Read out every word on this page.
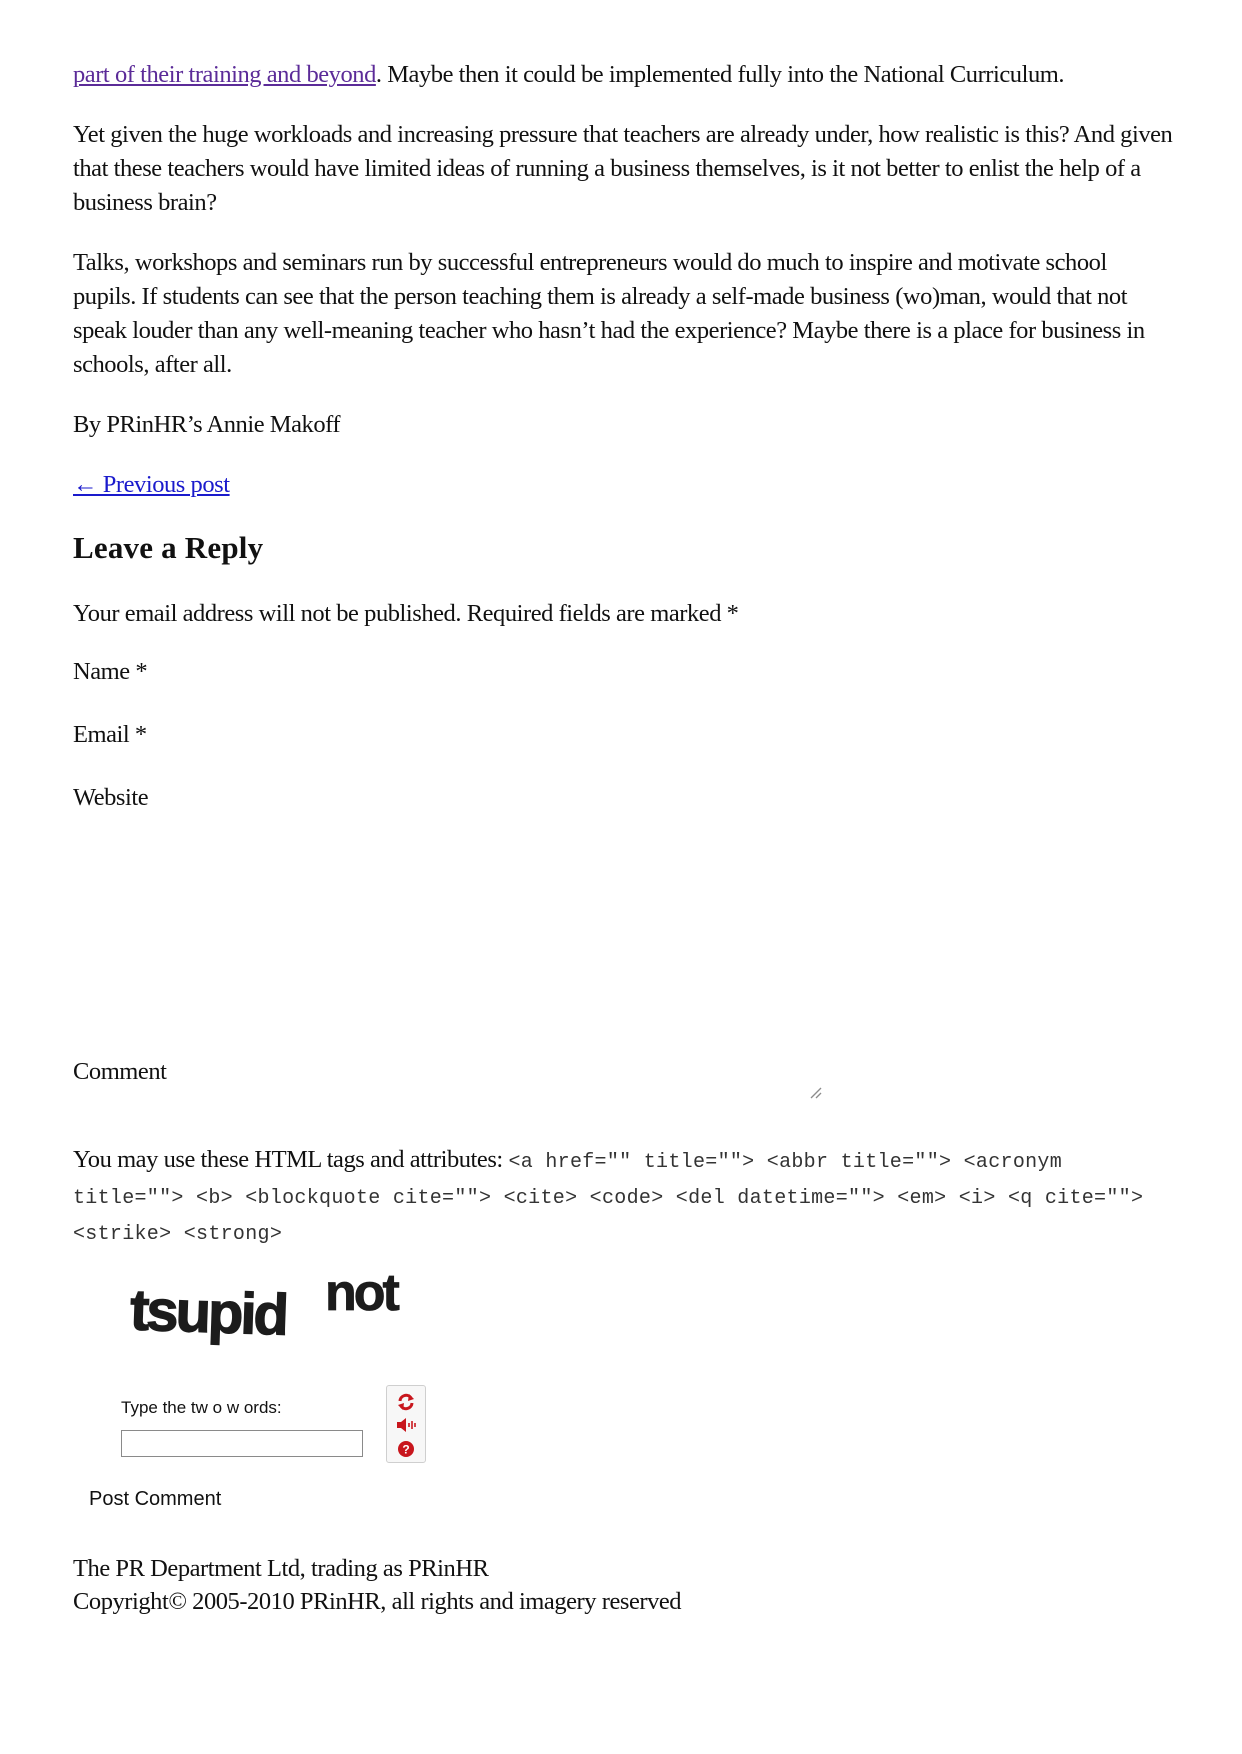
part of their training and beyond. Maybe then it could be implemented fully into the National Curriculum.

Yet given the huge workloads and increasing pressure that teachers are already under, how realistic is this? And given that these teachers would have limited ideas of running a business themselves, is it not better to enlist the help of a business brain?

Talks, workshops and seminars run by successful entrepreneurs would do much to inspire and motivate school pupils. If students can see that the person teaching them is already a self-made business (wo)man, would that not speak louder than any well-meaning teacher who hasn’t had the experience? Maybe there is a place for business in schools, after all.

By PRinHR’s Annie Makoff

← Previous post

Leave a Reply

Your email address will not be published. Required fields are marked *

Name *

Email *

Website

Comment

You may use these HTML tags and attributes: <a href="" title=""> <abbr title=""> <acronym title=""> <b> <blockquote cite=""> <cite> <code> <del datetime=""> <em> <i> <q cite=""> <strike> <strong>
tsupid not
Type the tw o w ords:
?
Post Comment

The PR Department Ltd, trading as PRinHR

Copyright© 2005-2010 PRinHR, all rights and imagery reserved
